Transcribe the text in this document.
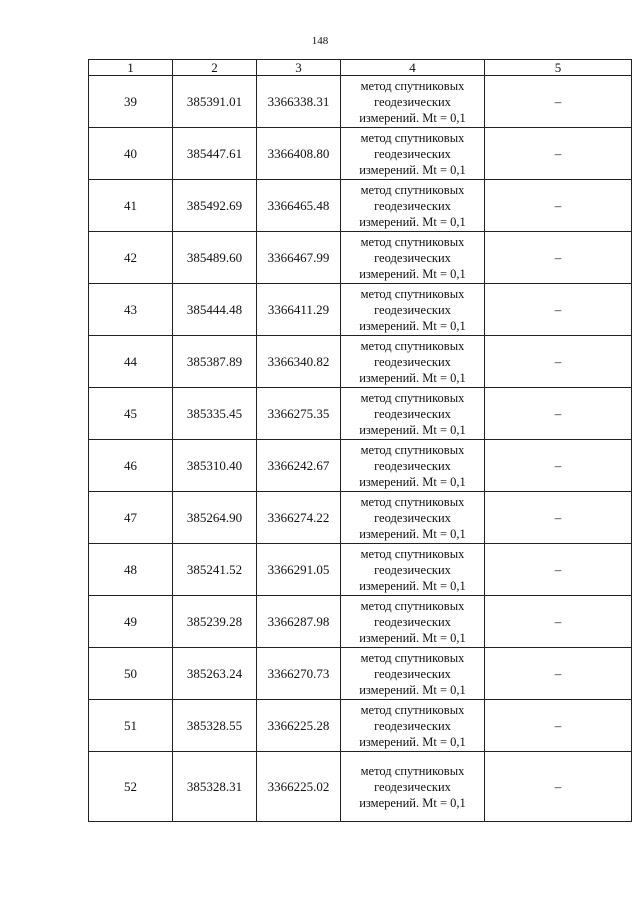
148
1	2	3	4	5
39	385391.01	3366338.31	метод спутниковых
геодезических
измерений. Mt = 0,1	–
40	385447.61	3366408.80	метод спутниковых
геодезических
измерений. Mt = 0,1	–
41	385492.69	3366465.48	метод спутниковых
геодезических
измерений. Mt = 0,1	–
42	385489.60	3366467.99	метод спутниковых
геодезических
измерений. Mt = 0,1	–
43	385444.48	3366411.29	метод спутниковых
геодезических
измерений. Mt = 0,1	–
44	385387.89	3366340.82	метод спутниковых
геодезических
измерений. Mt = 0,1	–
45	385335.45	3366275.35	метод спутниковых
геодезических
измерений. Mt = 0,1	–
46	385310.40	3366242.67	метод спутниковых
геодезических
измерений. Mt = 0,1	–
47	385264.90	3366274.22	метод спутниковых
геодезических
измерений. Mt = 0,1	–
48	385241.52	3366291.05	метод спутниковых
геодезических
измерений. Mt = 0,1	–
49	385239.28	3366287.98	метод спутниковых
геодезических
измерений. Mt = 0,1	–
50	385263.24	3366270.73	метод спутниковых
геодезических
измерений. Mt = 0,1	–
51	385328.55	3366225.28	метод спутниковых
геодезических
измерений. Mt = 0,1	–
52	385328.31	3366225.02	метод спутниковых
геодезических
измерений. Mt = 0,1	–
